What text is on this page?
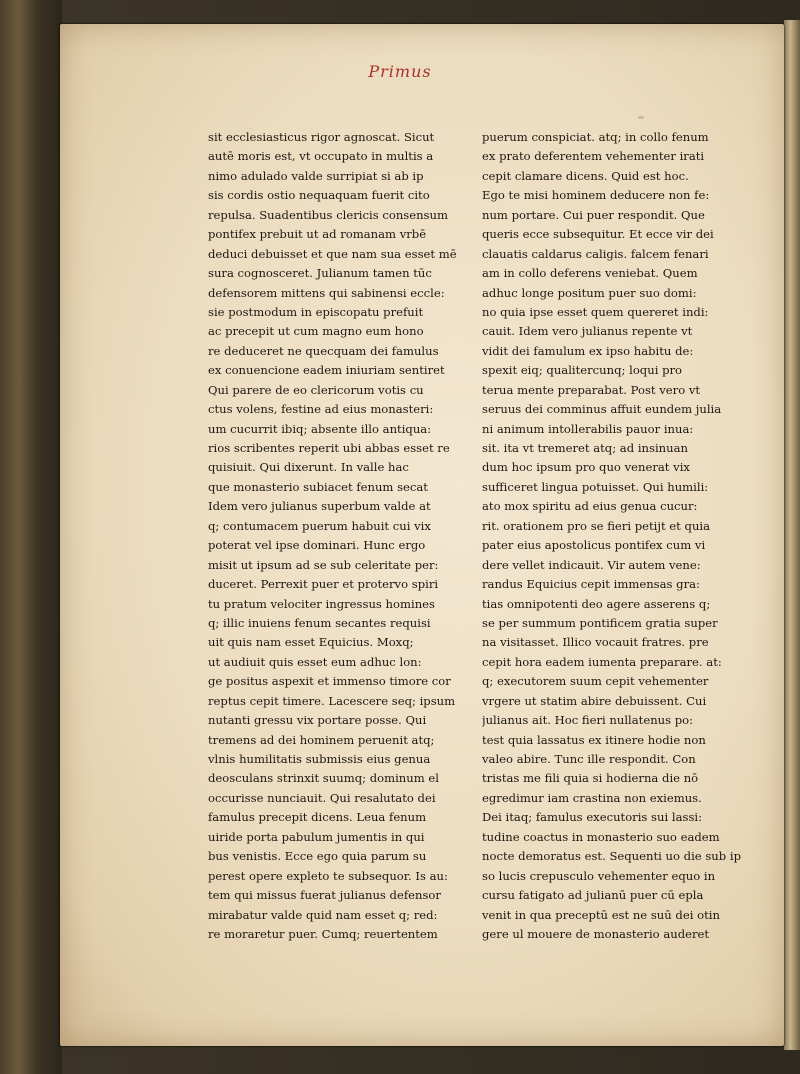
Primus
sit ecclesiasticus rigor agnoscat. Sicut
autē moris est, vt occupato in multis a
nimo adulado valde surripiat si ab ip
sis cordis ostio nequaquam fuerit cito
repulsa. Suadentibus clericis consensum
pontifex prebuit ut ad romanam vrbē
deduci debuisset et que nam sua esset mē
sura cognosceret. Julianum tamen tūc
defensorem mittens qui sabinensi eccle:
sie postmodum in episcopatu prefuit
ac precepit ut cum magno eum hono
re deduceret ne quecquam dei famulus
ex conuencione eadem iniuriam sentiret
Qui parere de eo clericorum votis cu
ctus volens, festine ad eius monasteri:
um cucurrit ibiq; absente illo antiqua:
rios scribentes reperit ubi abbas esset re
quisiuit. Qui dixerunt. In valle hac
que monasterio subiacet fenum secat
Idem vero julianus superbum valde at
q; contumacem puerum habuit cui vix
poterat vel ipse dominari. Hunc ergo
misit ut ipsum ad se sub celeritate per:
duceret. Perrexit puer et protervo spiri
tu pratum velociter ingressus homines
q; illic inuiens fenum secantes requisi
uit quis nam esset Equicius. Moxq;
ut audiuit quis esset eum adhuc lon:
ge positus aspexit et immenso timore cor
reptus cepit timere. Lacescere seq; ipsum
nutanti gressu vix portare posse. Qui
tremens ad dei hominem peruenit atq;
vlnis humilitatis submissis eius genua
deosculans strinxit suumq; dominum el
occurisse nunciauit. Qui resalutato dei
famulus precepit dicens. Leua fenum
uiride porta pabulum jumentis in qui
bus venistis. Ecce ego quia parum su
perest opere expleto te subsequor. Is au:
tem qui missus fuerat julianus defensor
mirabatur valde quid nam esset q; red:
re moraretur puer. Cumq; reuertentem
puerum conspiciat. atq; in collo fenum
ex prato deferentem vehementer irati
cepit clamare dicens. Quid est hoc.
Ego te misi hominem deducere non fe:
num portare. Cui puer respondit. Que
queris ecce subsequitur. Et ecce vir dei
clauatis caldarus caligis. falcem fenari
am in collo deferens veniebat. Quem
adhuc longe positum puer suo domi:
no quia ipse esset quem quereret indi:
cauit. Idem vero julianus repente vt
vidit dei famulum ex ipso habitu de:
spexit eiq; qualitercunq; loqui pro
terua mente preparabat. Post vero vt
seruus dei comminus affuit eundem julia
ni animum intollerabilis pauor inua:
sit. ita vt tremeret atq; ad insinuan
dum hoc ipsum pro quo venerat vix
sufficeret lingua potuisset. Qui humili:
ato mox spiritu ad eius genua cucur:
rit. orationem pro se fieri petijt et quia
pater eius apostolicus pontifex cum vi
dere vellet indicauit. Vir autem vene:
randus Equicius cepit immensas gra:
tias omnipotenti deo agere asserens q;
se per summum pontificem gratia super
na visitasset. Illico vocauit fratres. pre
cepit hora eadem iumenta preparare. at:
q; executorem suum cepit vehementer
vrgere ut statim abire debuissent. Cui
julianus ait. Hoc fieri nullatenus po:
test quia lassatus ex itinere hodie non
valeo abire. Tunc ille respondit. Con
tristas me fili quia si hodierna die nō
egredimur iam crastina non exiemus.
Dei itaq; famulus executoris sui lassi:
tudine coactus in monasterio suo eadem
nocte demoratus est. Sequenti uo die sub ip
so lucis crepusculo vehementer equo in
cursu fatigato ad julianū puer cū epla
venit in qua preceptū est ne suū dei otin
gere ul mouere de monasterio auderet
